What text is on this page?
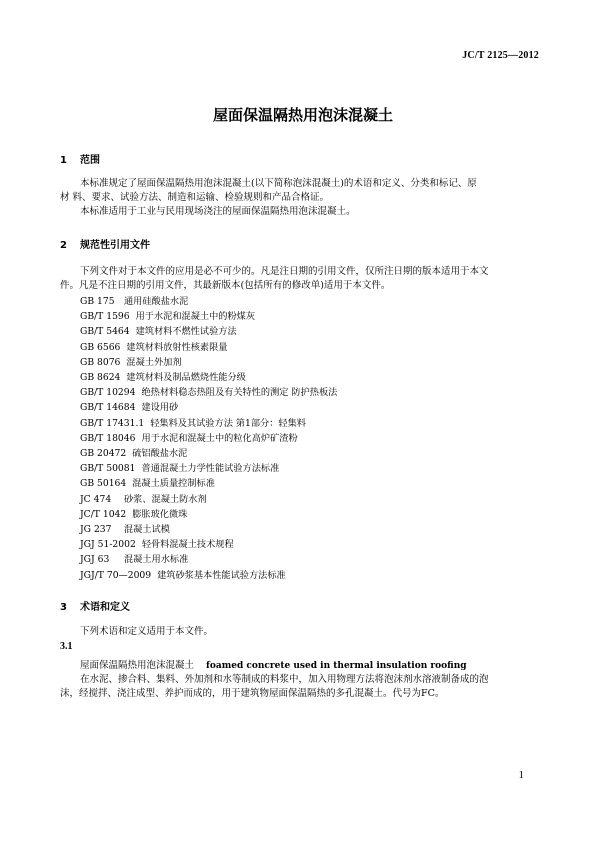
JC/T 2125—2012
屋面保温隔热用泡沫混凝土
1 范围
本标准规定了屋面保温隔热用泡沫混凝土(以下简称泡沫混凝土)的术语和定义、分类和标记、原
材 料、要求、试验方法、制造和运输、检验规则和产品合格证。
本标准适用于工业与民用现场浇注的屋面保温隔热用泡沫混凝土。
2 规范性引用文件
下列文件对于本文件的应用是必不可少的。凡是注日期的引用文件，仅所注日期的版本适用于本文
件。凡是不注日期的引用文件，其最新版本(包括所有的修改单)适用于本文件。
GB 175 通用硅酸盐水泥
GB/T 1596 用于水泥和混凝土中的粉煤灰
GB/T 5464 建筑材料不燃性试验方法
GB 6566 建筑材料放射性核素限量
GB 8076 混凝土外加剂
GB 8624 建筑材料及制品燃烧性能分级
GB/T 10294 绝热材料稳态热阻及有关特性的测定 防护热板法
GB/T 14684 建设用砂
GB/T 17431.1 轻集料及其试验方法 第1部分：轻集料
GB/T 18046 用于水泥和混凝土中的粒化高炉矿渣粉
GB 20472 硫铝酸盐水泥
GB/T 50081 普通混凝土力学性能试验方法标准
GB 50164 混凝土质量控制标准
JC 474 砂浆、混凝土防水剂
JC/T 1042 膨胀玻化微珠
JG 237 混凝土试模
JGJ 51-2002 轻骨料混凝土技术规程
JGJ 63 混凝土用水标准
JGJ/T 70—2009 建筑砂浆基本性能试验方法标准
3 术语和定义
下列术语和定义适用于本文件。
3.1
屋面保温隔热用泡沫混凝土 foamed concrete used in thermal insulation roofing
在水泥、掺合料、集料、外加剂和水等制成的料浆中，加入用物理方法将泡沫剂水溶液制备成的泡
沫，经搅拌、浇注成型、养护而成的，用于建筑物屋面保温隔热的多孔混凝土。代号为FC。
1
